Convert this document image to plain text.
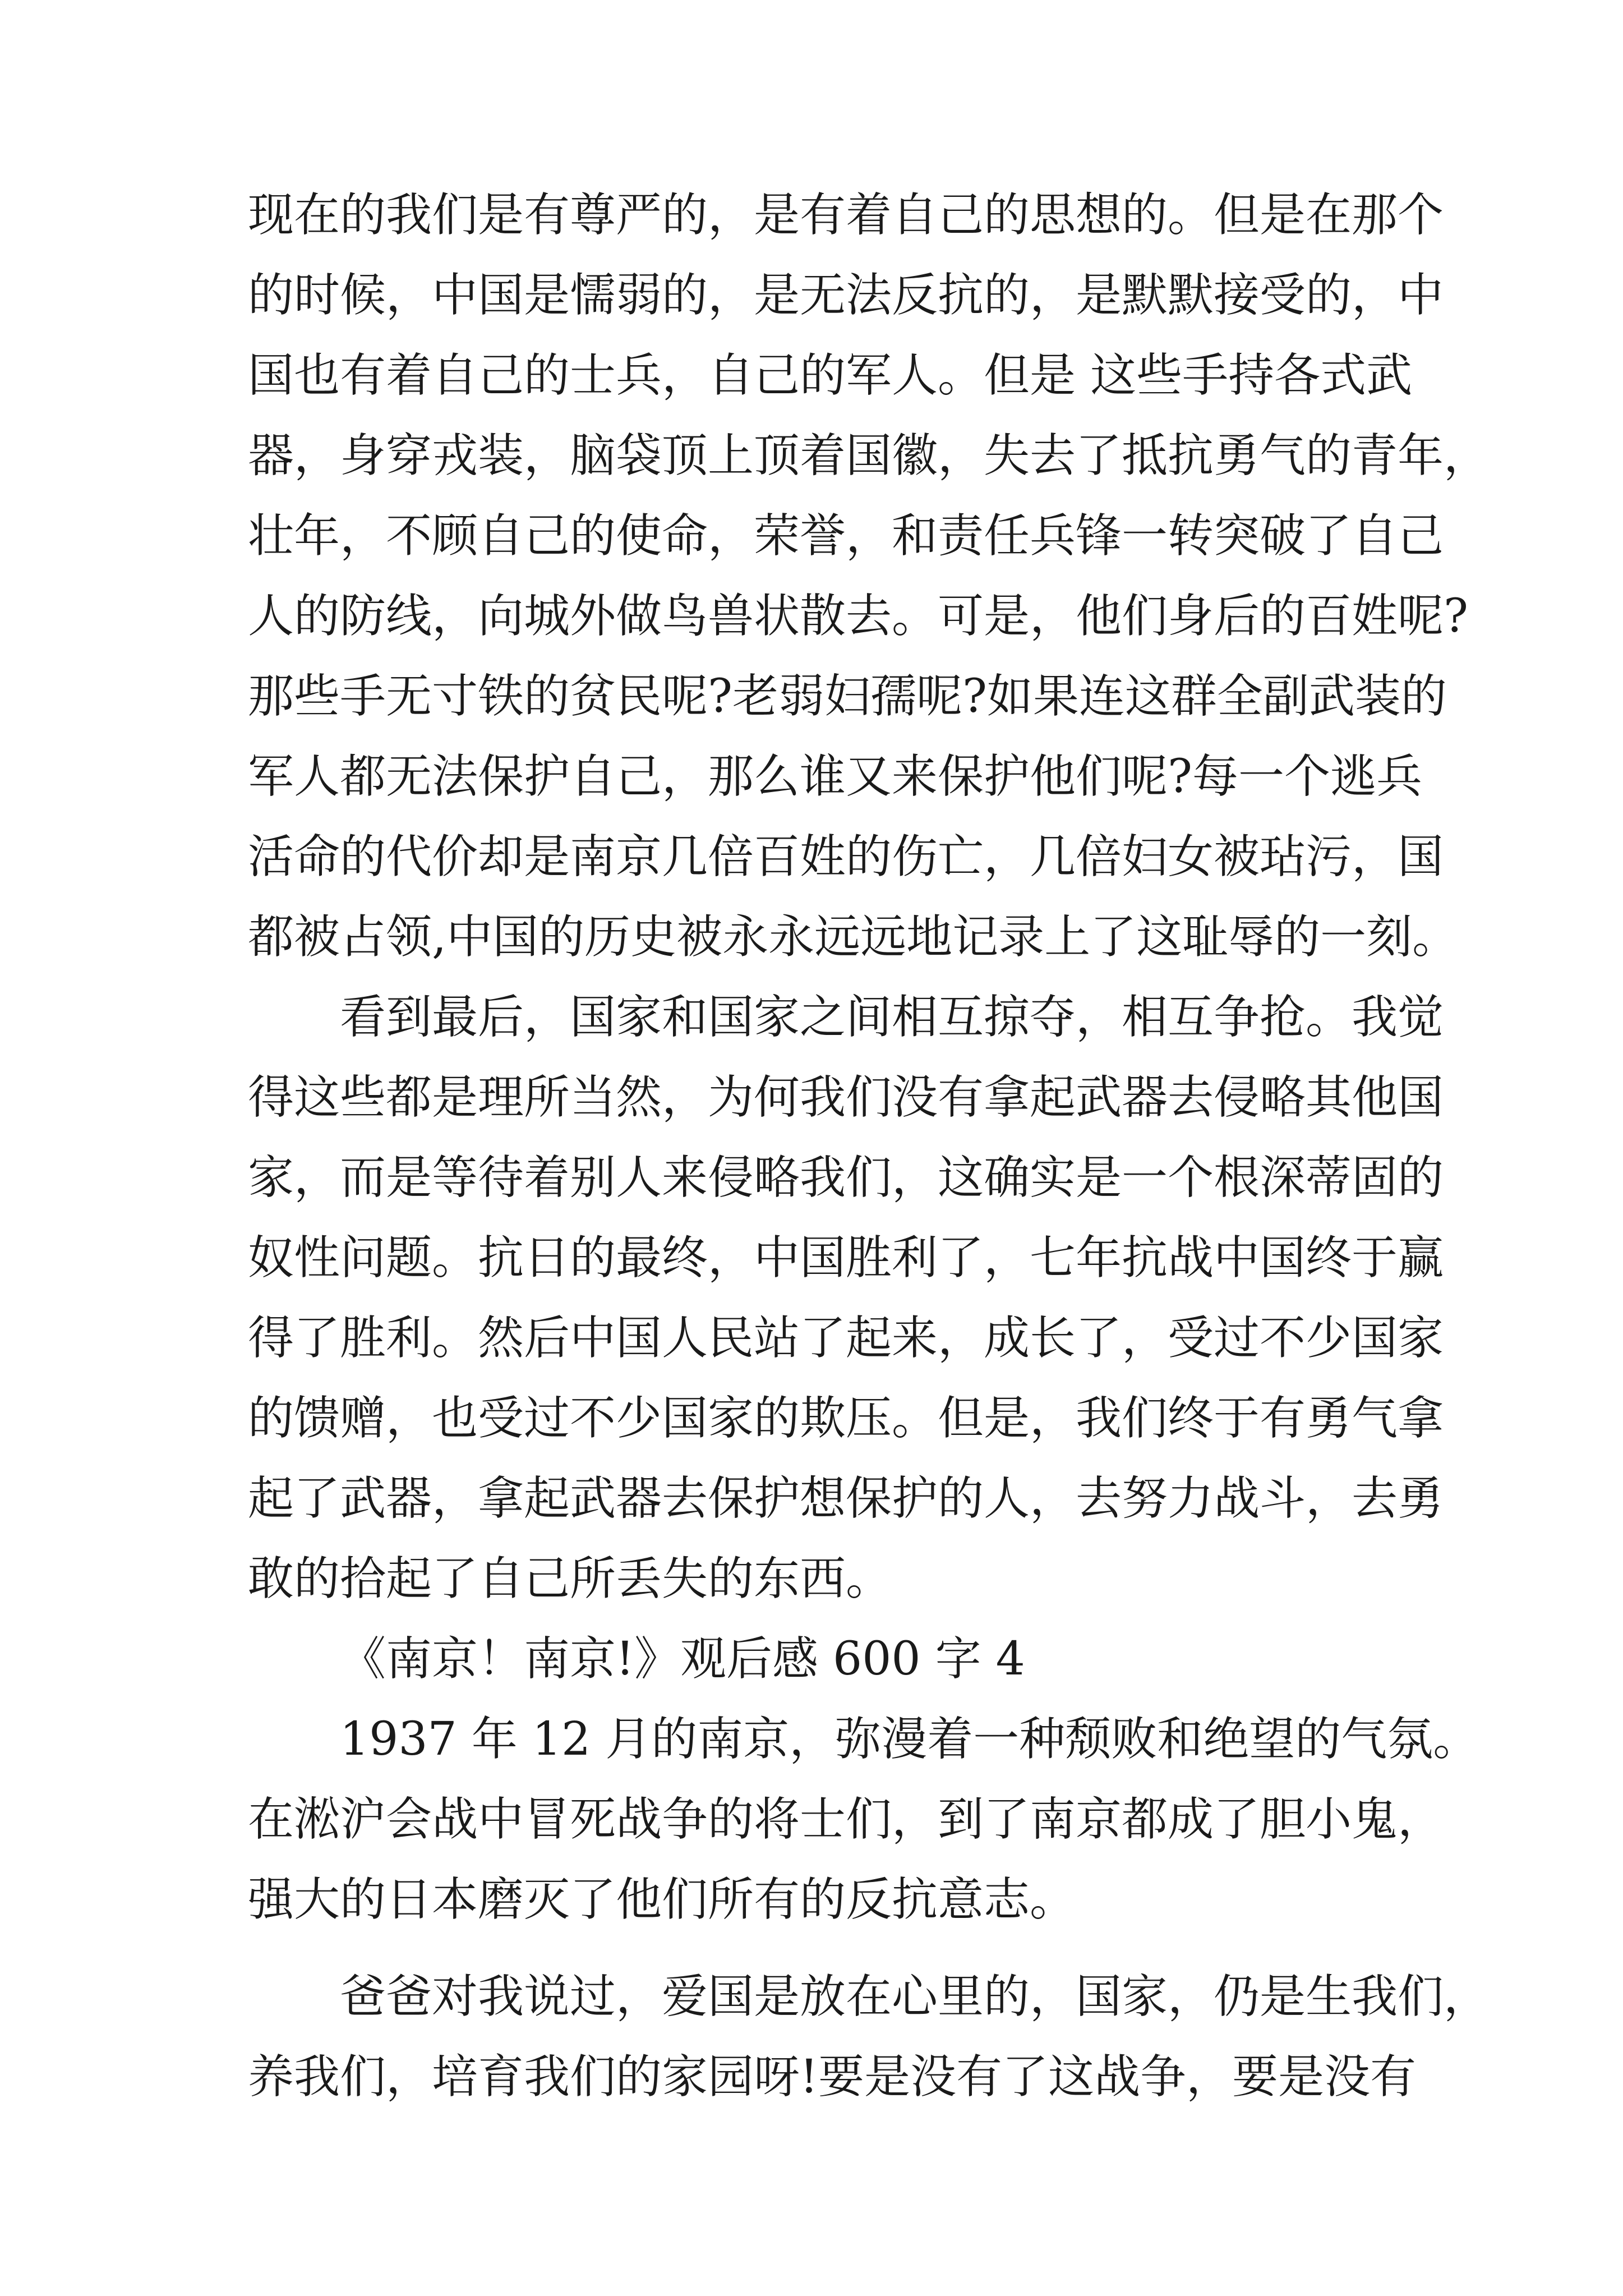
现在的我们是有尊严的，是有着自己的思想的。但是在那个
的时候，中国是懦弱的，是无法反抗的，是默默接受的，中
国也有着自己的士兵，自己的军人。但是 这些手持各式武
器，身穿戎装，脑袋顶上顶着国徽，失去了抵抗勇气的青年，
壮年，不顾自己的使命，荣誉，和责任兵锋一转突破了自己
人的防线，向城外做鸟兽状散去。可是，他们身后的百姓呢?
那些手无寸铁的贫民呢?老弱妇孺呢?如果连这群全副武装的
军人都无法保护自己，那么谁又来保护他们呢?每一个逃兵
活命的代价却是南京几倍百姓的伤亡，几倍妇女被玷污，国
都被占领,中国的历史被永永远远地记录上了这耻辱的一刻。
看到最后，国家和国家之间相互掠夺，相互争抢。我觉
得这些都是理所当然，为何我们没有拿起武器去侵略其他国
家，而是等待着别人来侵略我们，这确实是一个根深蒂固的
奴性问题。抗日的最终，中国胜利了，七年抗战中国终于赢
得了胜利。然后中国人民站了起来，成长了，受过不少国家
的馈赠，也受过不少国家的欺压。但是，我们终于有勇气拿
起了武器，拿起武器去保护想保护的人，去努力战斗，去勇
敢的拾起了自己所丢失的东西。
《南京！南京!》观后感 600 字 4
1937 年 12 月的南京，弥漫着一种颓败和绝望的气氛。
在淞沪会战中冒死战争的将士们，到了南京都成了胆小鬼，
强大的日本磨灭了他们所有的反抗意志。
爸爸对我说过，爱国是放在心里的，国家，仍是生我们，
养我们，培育我们的家园呀!要是没有了这战争，要是没有
